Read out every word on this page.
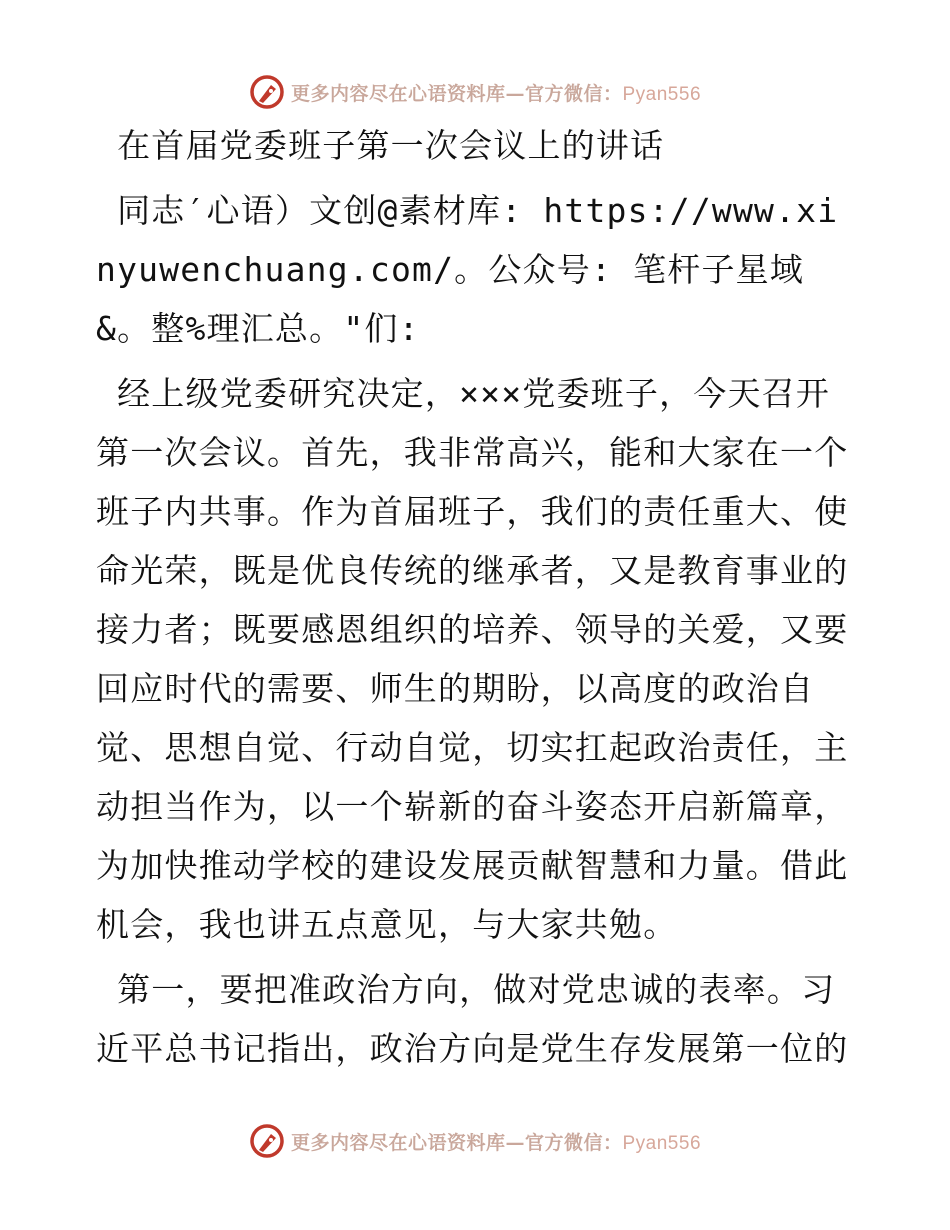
更多内容尽在心语资料库—官方微信：Pyan556

在首届党委班子第一次会议上的讲话

同志′心语）文创@素材库: https://www.xinyuwenchuang.com/。公众号: 笔杆子星域&。整%理汇总。"们:

经上级党委研究决定，×××党委班子，今天召开第一次会议。首先，我非常高兴，能和大家在一个班子内共事。作为首届班子，我们的责任重大、使命光荣，既是优良传统的继承者，又是教育事业的接力者；既要感恩组织的培养、领导的关爱，又要回应时代的需要、师生的期盼，以高度的政治自觉、思想自觉、行动自觉，切实扛起政治责任，主动担当作为，以一个崭新的奋斗姿态开启新篇章，为加快推动学校的建设发展贡献智慧和力量。借此机会，我也讲五点意见，与大家共勉。

第一，要把准政治方向，做对党忠诚的表率。习近平总书记指出，政治方向是党生存发展第一位的

更多内容尽在心语资料库—官方微信：Pyan556
